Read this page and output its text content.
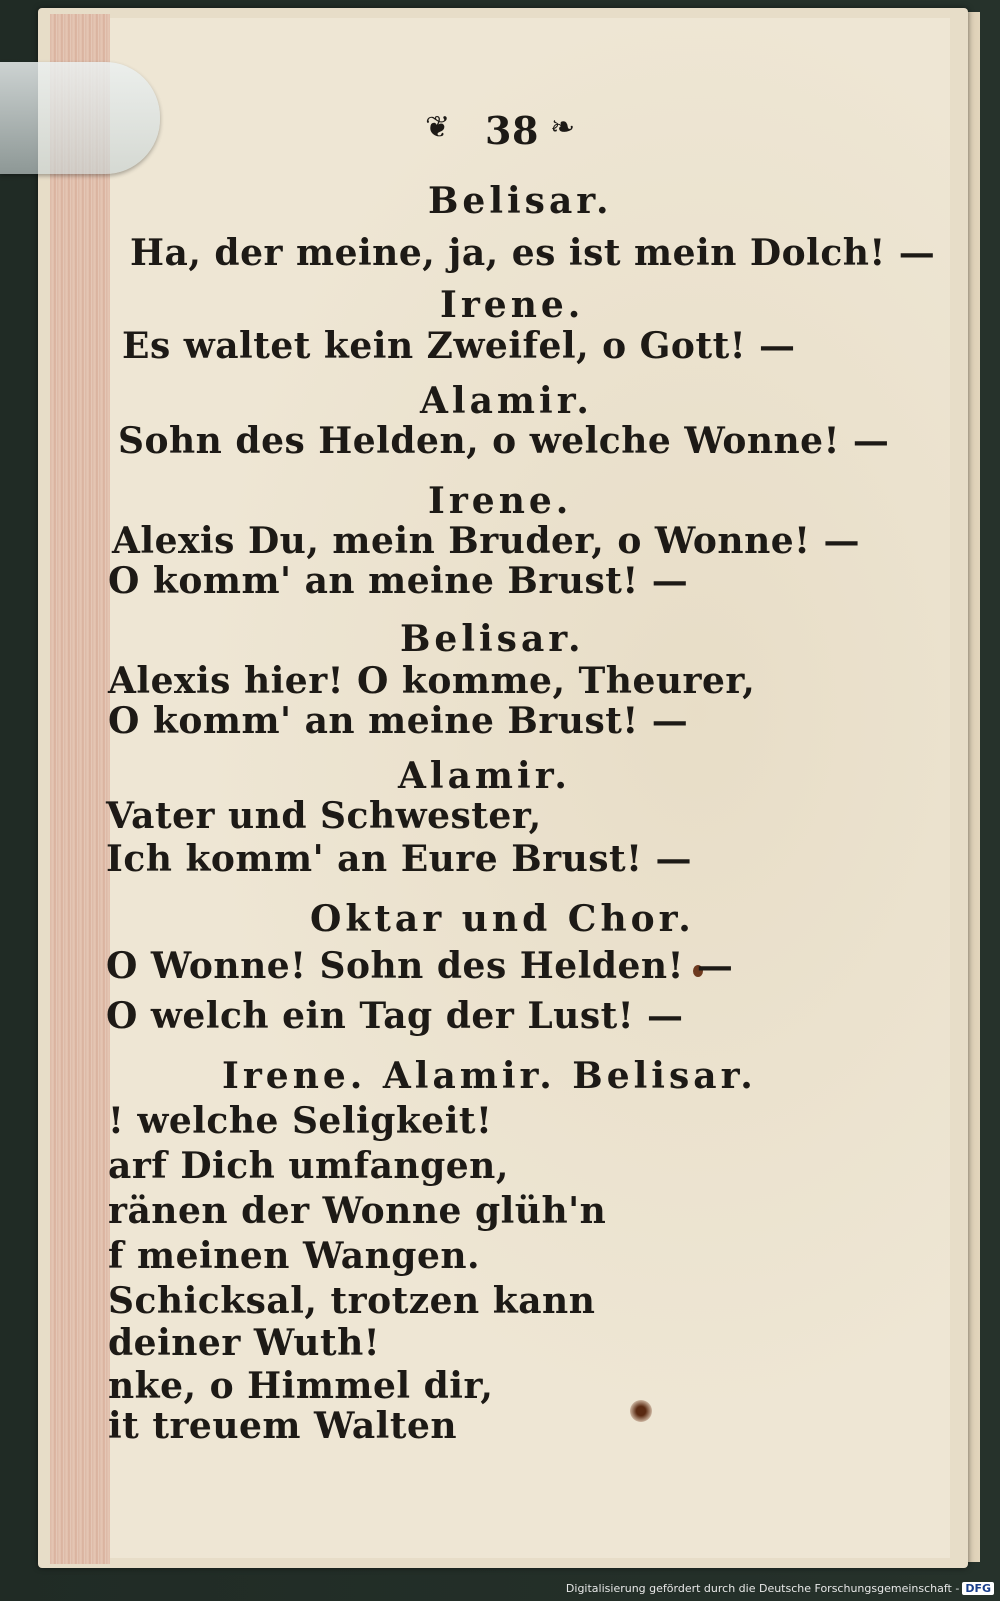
❦ 38 ❧
Belisar.
Ha, der meine, ja, es ist mein Dolch! —
Irene.
Es waltet kein Zweifel, o Gott! —
Alamir.
Sohn des Helden, o welche Wonne! —
Irene.
Alexis Du, mein Bruder, o Wonne! —
O komm' an meine Brust! —
Belisar.
Alexis hier! O komme, Theurer,
O komm' an meine Brust! —
Alamir.
Vater und Schwester,
Ich komm' an Eure Brust! —
Oktar und Chor.
O Wonne! Sohn des Helden! —
O welch ein Tag der Lust! —
Irene. Alamir. Belisar.
! welche Seligkeit!
arf Dich umfangen,
ränen der Wonne glüh'n
f meinen Wangen.
Schicksal, trotzen kann
deiner Wuth!
nke, o Himmel dir,
it treuem Walten
Digitalisierung gefördert durch die Deutsche Forschungsgemeinschaft - DFG
